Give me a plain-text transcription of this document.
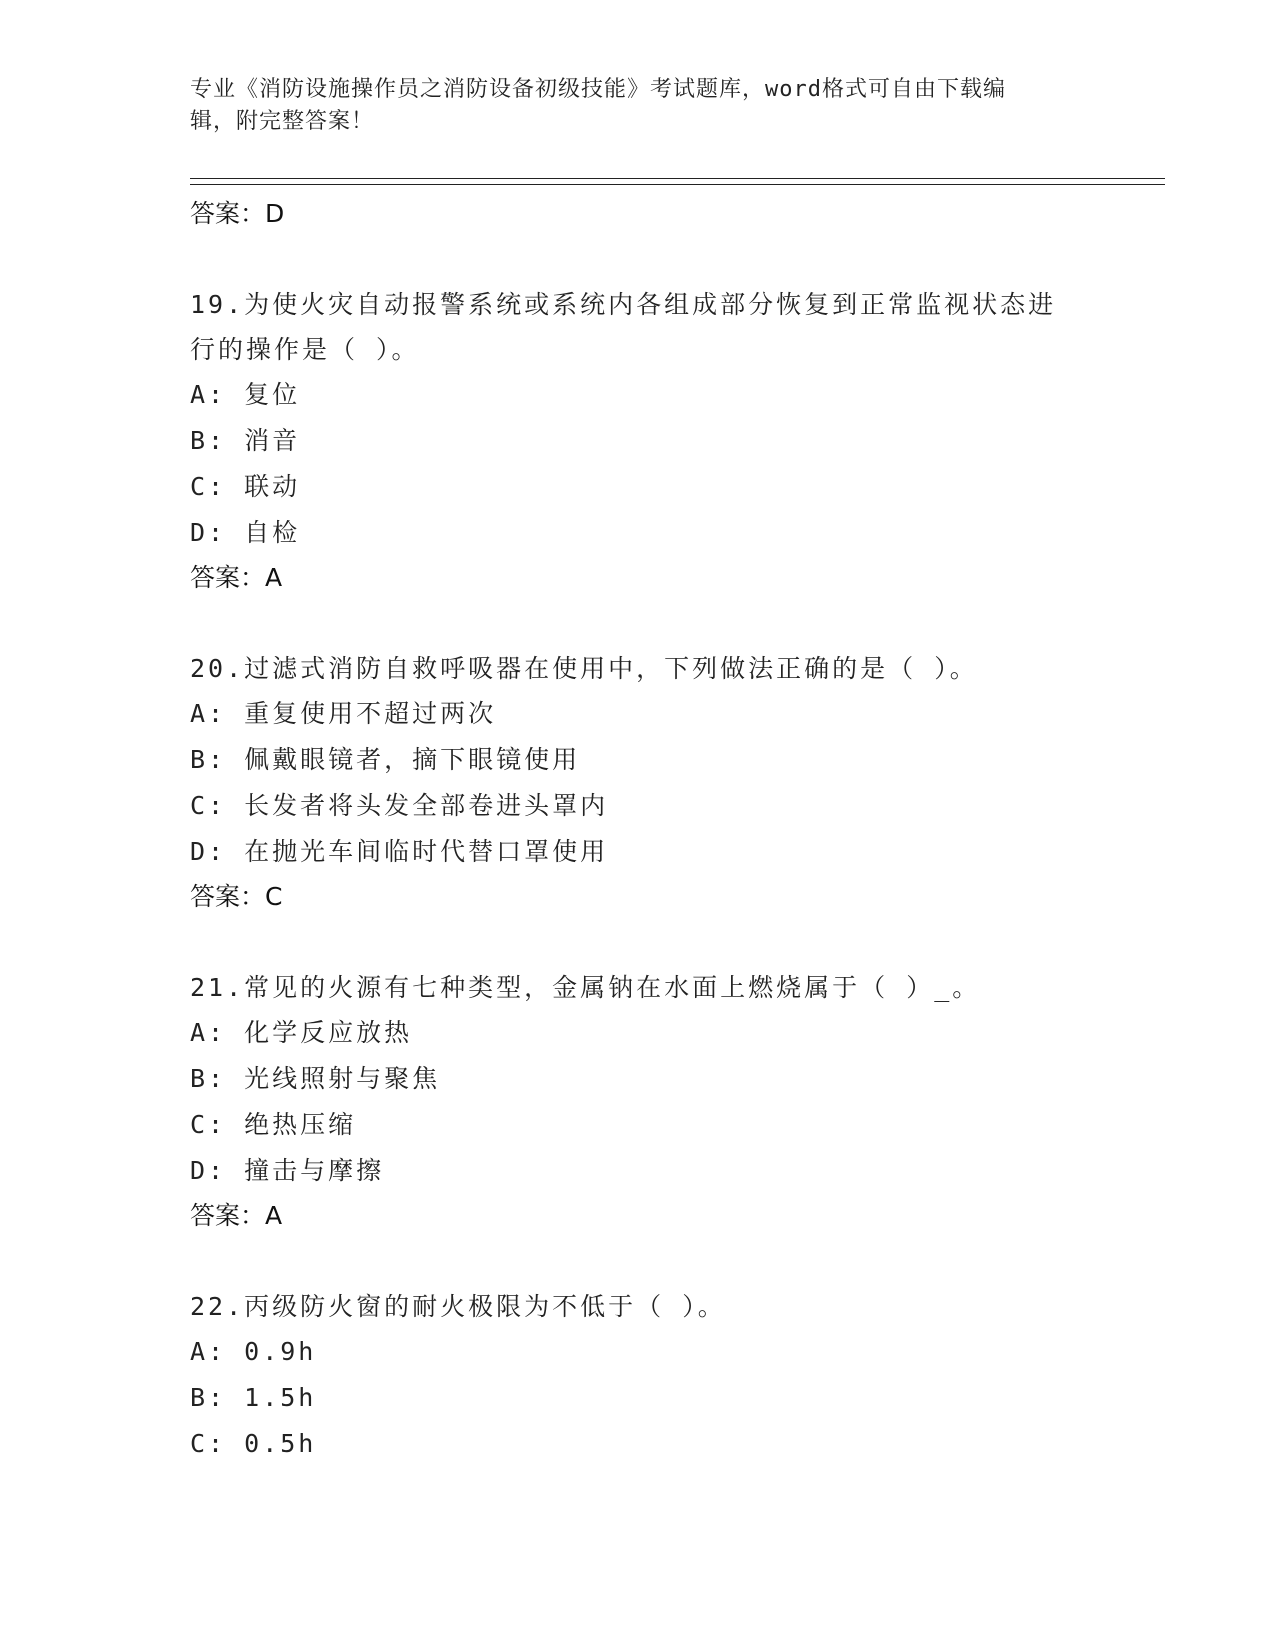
专业《消防设施操作员之消防设备初级技能》考试题库，word格式可自由下载编
辑，附完整答案！
答案：D
19.为使火灾自动报警系统或系统内各组成部分恢复到正常监视状态进
行的操作是（ ）。
A: 复位
B: 消音
C: 联动
D: 自检
答案：A
20.过滤式消防自救呼吸器在使用中，下列做法正确的是（ ）。
A: 重复使用不超过两次
B: 佩戴眼镜者，摘下眼镜使用
C: 长发者将头发全部卷进头罩内
D: 在抛光车间临时代替口罩使用
答案：C
21.常见的火源有七种类型，金属钠在水面上燃烧属于（ ）_。
A: 化学反应放热
B: 光线照射与聚焦
C: 绝热压缩
D: 撞击与摩擦
答案：A
22.丙级防火窗的耐火极限为不低于（ ）。
A: 0.9h
B: 1.5h
C: 0.5h
